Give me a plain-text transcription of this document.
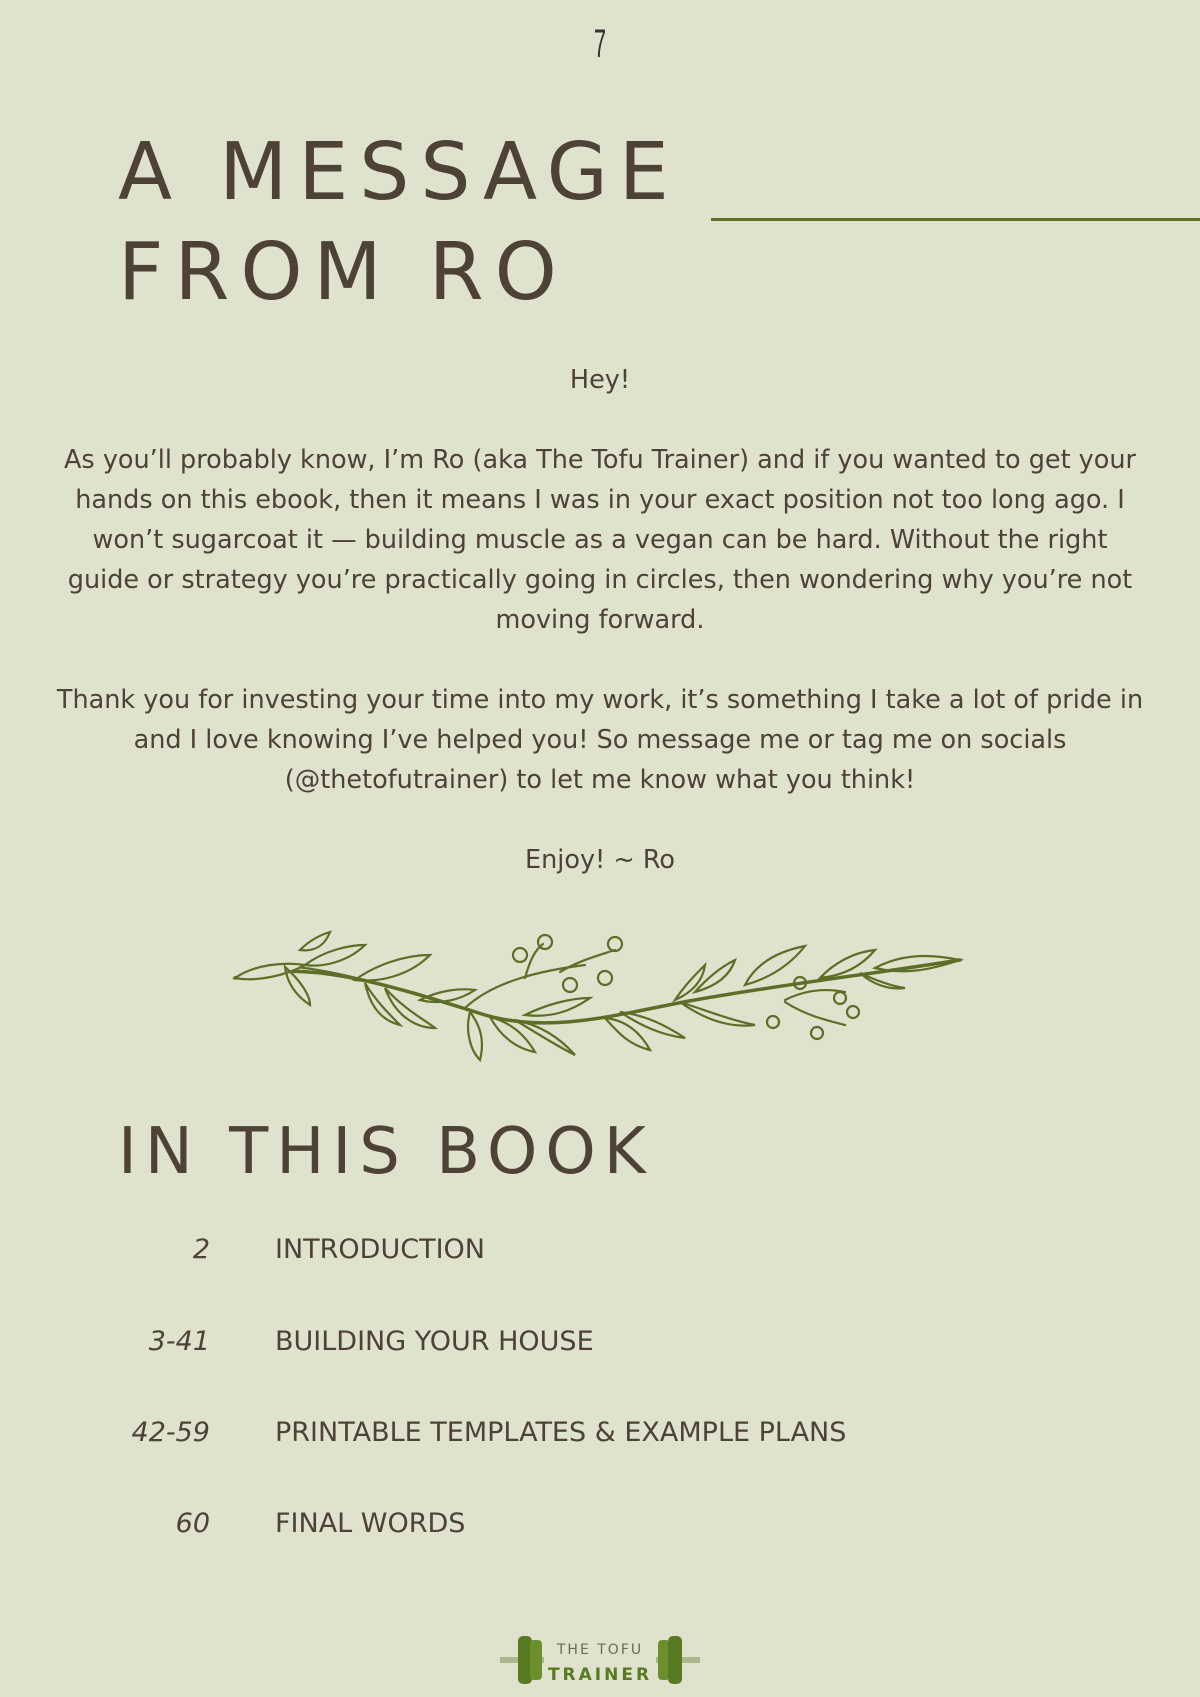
7
A MESSAGE
FROM RO

Hey!

As you’ll probably know, I’m Ro (aka The Tofu Trainer) and if you wanted to get your hands on this ebook, then it means I was in your exact position not too long ago. I won’t sugarcoat it — building muscle as a vegan can be hard. Without the right guide or strategy you’re practically going in circles, then wondering why you’re not moving forward.

Thank you for investing your time into my work, it’s something I take a lot of pride in and I love knowing I’ve helped you! So message me or tag me on socials (@thetofutrainer) to let me know what you think!

Enjoy! ~ Ro

IN THIS BOOK
2 INTRODUCTION
3-41 BUILDING YOUR HOUSE
42-59 PRINTABLE TEMPLATES & EXAMPLE PLANS
60 FINAL WORDS
THE TOFU
TRAINER
